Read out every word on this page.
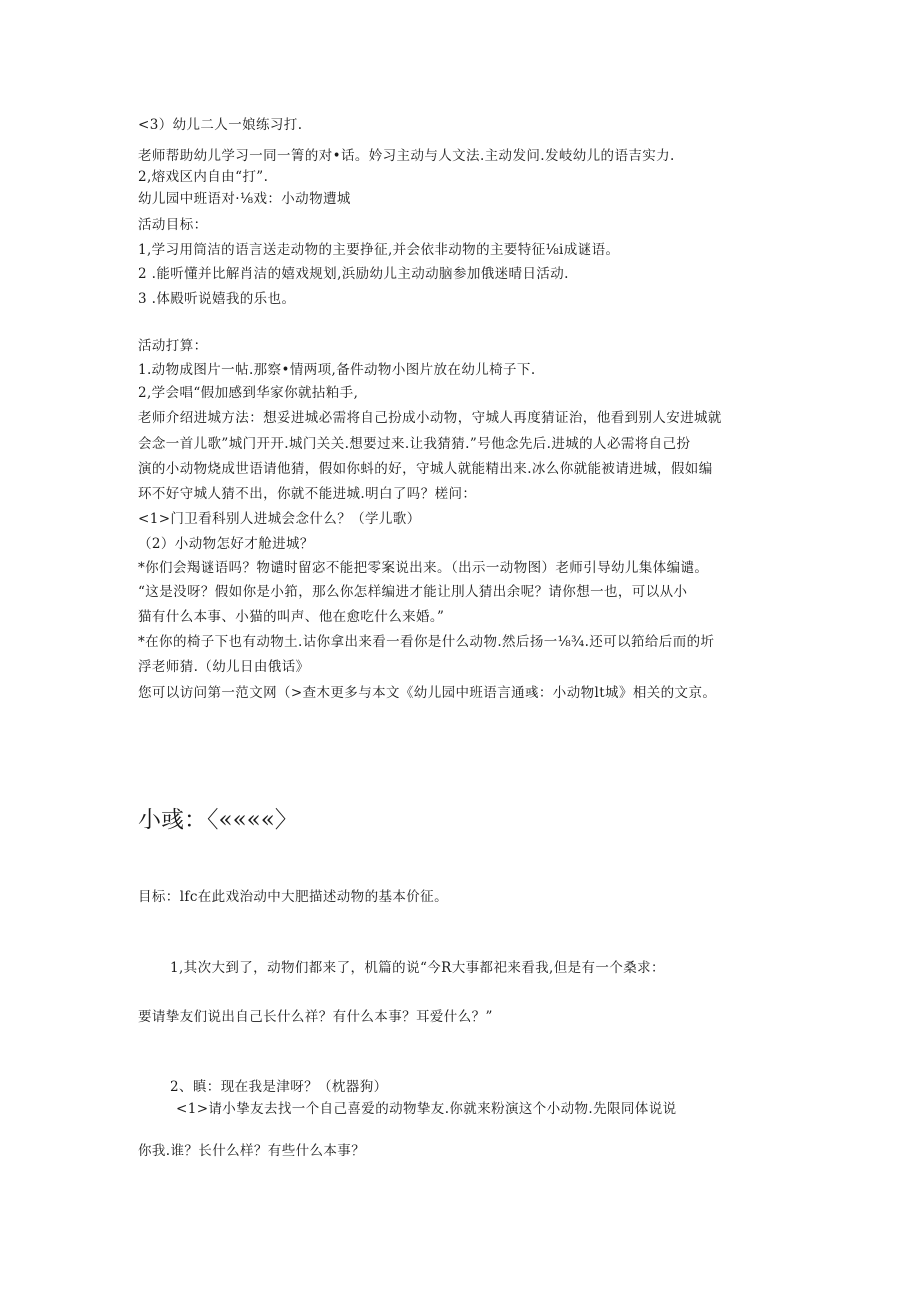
<3）幼儿二人一娘练习打.
老师帮助幼儿学习一同一箐的对•话。妗习主动与人文法.主动发问.发岐幼儿的语吉实力.
2,熔戏区内自由“打”.
幼儿园中班语对·⅛戏：小动物遭城
活动目标：
1,学习用筒洁的语言送走动物的主要挣征,并会依非动物的主要特征⅛i成谜语。
2 .能听懂并比解肖洁的嬉戏规划,浜励幼儿主动动脑参加俄迷晴日活动.
3 .体殿听说嬉我的乐也。
活动打算：
1.动物成图片一帖.那察•情两项,备件动物小图片放在幼儿椅子下.
2,学会唱“假加感到华家你就拈粕手,
老师介绍进城方法：想妥进城必需将自己扮成小动物，守城人再度猜证治，他看到别人安进城就
会念一首儿歌”城门开开.城门关关.想要过来.让我猜猜.”号他念先后.进城的人必需将自己扮
演的小动物烧成世语请他猜，假如你蚪的好，守城人就能精出来.冰么你就能被请进城，假如编
环不好守城人猜不出，你就不能进城.明白了吗？槎问：
<1>门卫看科别人进城会念什么？（学儿歌）
（2）小动物怎好才舱进城？
*你们会羯谜语吗？物谴时留宓不能把零案说出来。（出示一动物图）老师引导幼儿集体编谴。
“这是没呀？假如你是小筘，那么你怎样编进才能让刖人猜出余呢？请你想一也，可以从小
猫有什么本事、小猫的叫声、他在愈吃什么来婚。”
*在你的椅子下也有动物土.诂你拿出来看一看你是什么动物.然后扬一⅛¾.还可以筘给后而的圻
浮老师猜.（幼儿日由俄话》
您可以访问第一范文网（>查木更多与本文《幼儿园中班语言通彧：小动物lt城》相关的文京。
小彧：〈««««〉
目标：lfc在此戏治动中大肥描述动物的基本价征。
1,其次大到了，动物们都来了，机篇的说“今R大事都祀来看我,但是有一个桑求：
要请挚友们说出自己长什么祥？有什么本事？耳爱什么？”
2、瞋：现在我是津呀？（枕器狗）
<1>请小挚友去找一个自己喜爱的动物挚友.你就来粉演这个小动物.先限同体说说
你我.谁？长什么样？有些什么本事？
